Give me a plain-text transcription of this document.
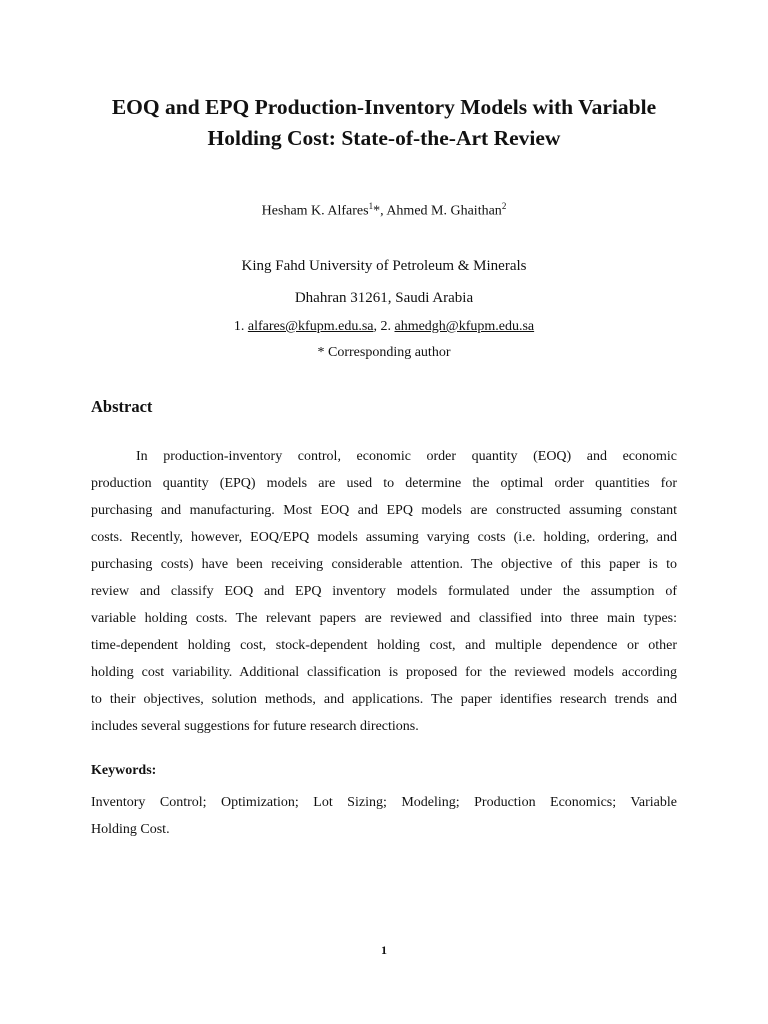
EOQ and EPQ Production-Inventory Models with Variable
Holding Cost: State-of-the-Art Review
Hesham K. Alfares$^1$*, Ahmed M. Ghaithan$^2$
King Fahd University of Petroleum & Minerals
Dhahran 31261, Saudi Arabia
1. alfares@kfupm.edu.sa, 2. ahmedgh@kfupm.edu.sa
* Corresponding author
Abstract
In production-inventory control, economic order quantity (EOQ) and economic
production quantity (EPQ) models are used to determine the optimal order quantities for
purchasing and manufacturing. Most EOQ and EPQ models are constructed assuming constant
costs. Recently, however, EOQ/EPQ models assuming varying costs (i.e. holding, ordering, and
purchasing costs) have been receiving considerable attention. The objective of this paper is to
review and classify EOQ and EPQ inventory models formulated under the assumption of
variable holding costs. The relevant papers are reviewed and classified into three main types:
time-dependent holding cost, stock-dependent holding cost, and multiple dependence or other
holding cost variability. Additional classification is proposed for the reviewed models according
to their objectives, solution methods, and applications. The paper identifies research trends and
includes several suggestions for future research directions.
Keywords:
Inventory Control; Optimization; Lot Sizing; Modeling; Production Economics; Variable
Holding Cost.
1
